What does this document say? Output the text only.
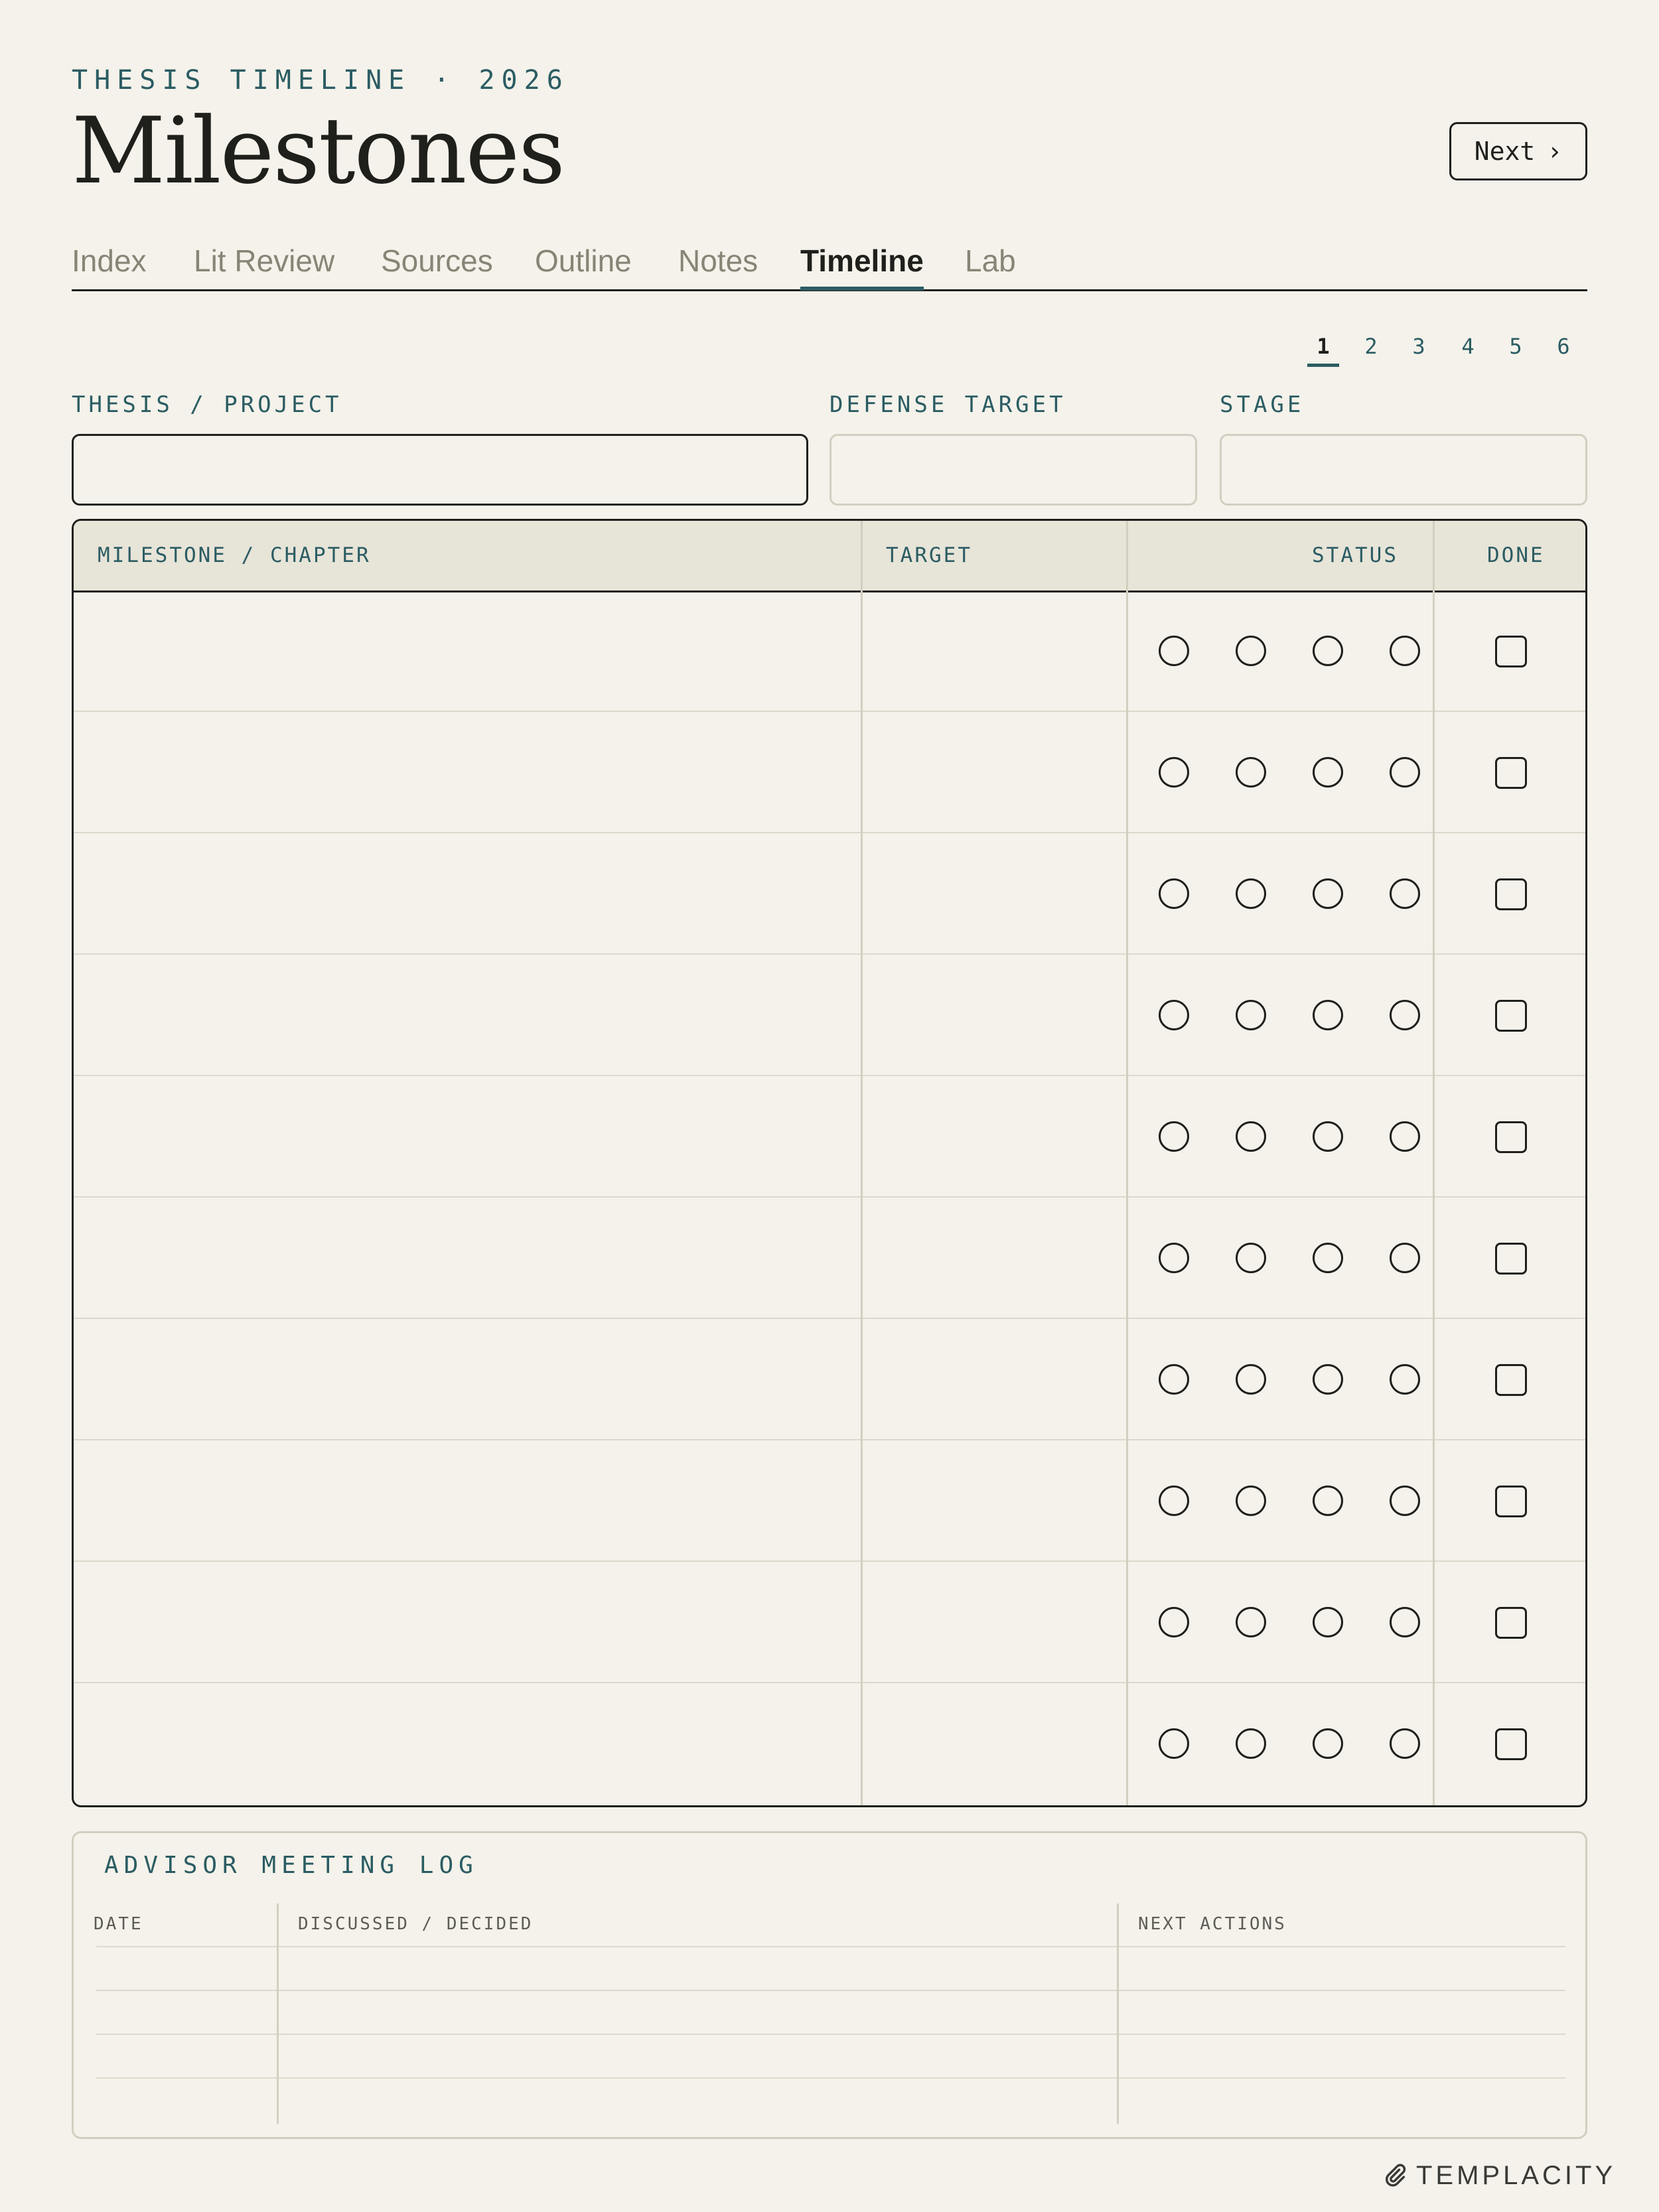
THESIS TIMELINE · 2026
Milestones	Next ›
Index Lit Review Sources Outline Notes Timeline Lab
1	2	3	4	5	6
THESIS / PROJECT	DEFENSE TARGET	STAGE
MILESTONE / CHAPTER	TARGET	STATUS	DONE
ADVISOR MEETING LOG
DATE	DISCUSSED / DECIDED	NEXT ACTIONS
TEMPLACITY
